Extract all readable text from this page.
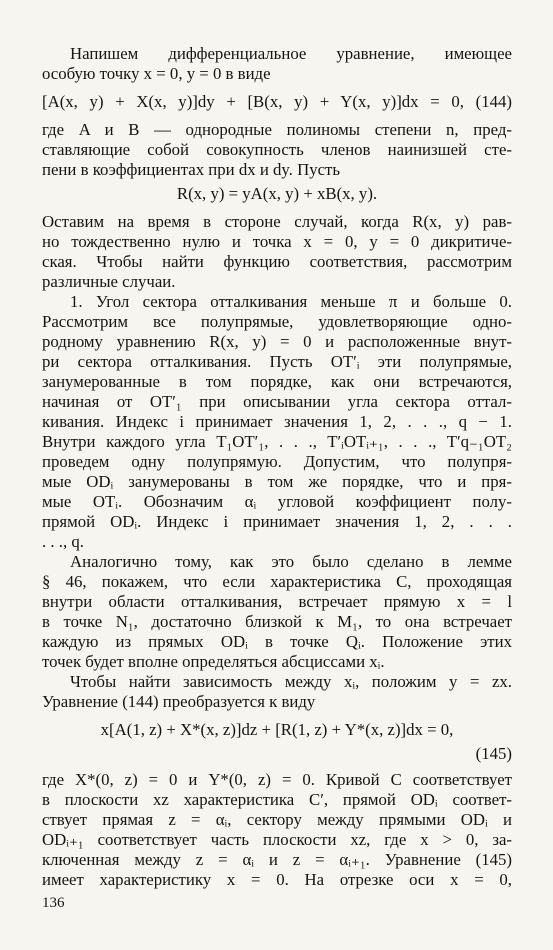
Напишем дифференциальное уравнение, имеющее
особую точку x = 0, y = 0 в виде
[A(x, y) + X(x, y)]dy + [B(x, y) + Y(x, y)]dx = 0, (144)
где A и B — однородные полиномы степени n, пред-
ставляющие собой совокупность членов наинизшей сте-
пени в коэффициентах при dx и dy. Пусть
R(x, y) = yA(x, y) + xB(x, y).
Оставим на время в стороне случай, когда R(x, y) рав-
но тождественно нулю и точка x = 0, y = 0 дикритиче-
ская. Чтобы найти функцию соответствия, рассмотрим
различные случаи.
1. Угол сектора отталкивания меньше π и больше 0.
Рассмотрим все полупрямые, удовлетворяющие одно-
родному уравнению R(x, y) = 0 и расположенные внут-
ри сектора отталкивания. Пусть OT′ᵢ эти полупрямые,
занумерованные в том порядке, как они встречаются,
начиная от OT′₁ при описывании угла сектора оттал-
кивания. Индекс i принимает значения 1, 2, . . ., q − 1.
Внутри каждого угла T₁OT′₁, . . ., T′ᵢOTᵢ₊₁, . . ., T′q₋₁OT₂
проведем одну полупрямую. Допустим, что полупря-
мые ODᵢ занумерованы в том же порядке, что и пря-
мые OTᵢ. Обозначим αᵢ угловой коэффициент полу-
прямой ODᵢ. Индекс i принимает значения 1, 2, . . .
. . ., q.
Аналогично тому, как это было сделано в лемме
§ 46, покажем, что если характеристика C, проходящая
внутри области отталкивания, встречает прямую x = l
в точке N₁, достаточно близкой к M₁, то она встречает
каждую из прямых ODᵢ в точке Qᵢ. Положение этих
точек будет вполне определяться абсциссами xᵢ.
Чтобы найти зависимость между xᵢ, положим y = zx.
Уравнение (144) преобразуется к виду
x[A(1, z) + X*(x, z)]dz + [R(1, z) + Y*(x, z)]dx = 0,
(145)
где X*(0, z) = 0 и Y*(0, z) = 0. Кривой C соответствует
в плоскости xz характеристика C′, прямой ODᵢ соответ-
ствует прямая z = αᵢ, сектору между прямыми ODᵢ и
ODᵢ₊₁ соответствует часть плоскости xz, где x > 0, за-
ключенная между z = αᵢ и z = αᵢ₊₁. Уравнение (145)
имеет характеристику x = 0. На отрезке оси x = 0,
136
